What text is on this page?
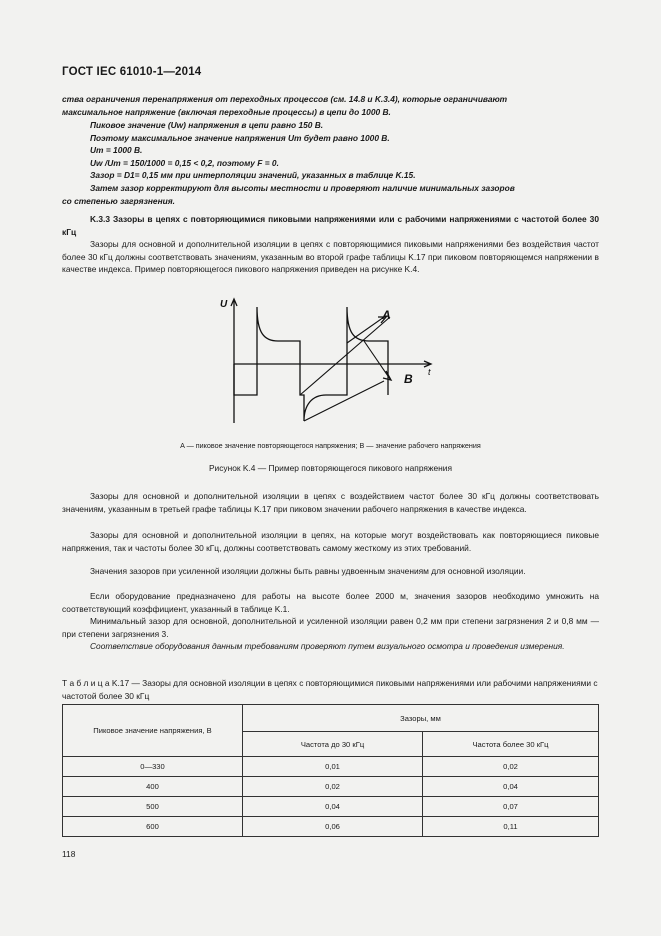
ГОСТ IEC 61010-1—2014
ства ограничения перенапряжения от переходных процессов (см. 14.8 и K.3.4), которые ограничивают
максимальное напряжение (включая переходные процессы) в цепи до 1000 В.
Пиковое значение (Uw) напряжения в цепи равно 150 В.
Поэтому максимальное значение напряжения Um будет равно 1000 В.
Um = 1000 В.
Uw /Um = 150/1000 = 0,15 < 0,2, поэтому F = 0.
Зазор = D1= 0,15 мм при интерполяции значений, указанных в таблице K.15.
Затем зазор корректируют для высоты местности и проверяют наличие минимальных зазоров
со степенью загрязнения.
K.3.3 Зазоры в цепях с повторяющимися пиковыми напряжениями или с рабочими напряжениями с частотой более 30 кГц
Зазоры для основной и дополнительной изоляции в цепях с повторяющимися пиковыми напряжениями без воздействия частот более 30 кГц должны соответствовать значениям, указанным во второй графе таблицы K.17 при пиковом повторяющемся напряжении в качестве индекса. Пример повторяющегося пикового напряжения приведен на рисунке K.4.
U
t
A
B
A — пиковое значение повторяющегося напряжения; B — значение рабочего напряжения
Рисунок K.4 — Пример повторяющегося пикового напряжения
Зазоры для основной и дополнительной изоляции в цепях с воздействием частот более 30 кГц должны соответствовать значениям, указанным в третьей графе таблицы K.17 при пиковом значении рабочего напряжения в качестве индекса.
Зазоры для основной и дополнительной изоляции в цепях, на которые могут воздействовать как повторяющиеся пиковые напряжения, так и частоты более 30 кГц, должны соответствовать самому жесткому из этих требований.
Значения зазоров при усиленной изоляции должны быть равны удвоенным значениям для основной изоляции.
Если оборудование предназначено для работы на высоте более 2000 м, значения зазоров необходимо умножить на соответствующий коэффициент, указанный в таблице K.1.
Минимальный зазор для основной, дополнительной и усиленной изоляции равен 0,2 мм при степени загрязнения 2 и 0,8 мм — при степени загрязнения 3.
Соответствие оборудования данным требованиям проверяют путем визуального осмотра и проведения измерения.
Т а б л и ц а K.17 — Зазоры для основной изоляции в цепях с повторяющимися пиковыми напряжениями или рабочими напряжениями с частотой более 30 кГц
Пиковое значение напряжения, В	Зазоры, мм	
	Частота до 30 кГц	Частота более 30 кГц
0—330	0,01	0,02
400	0,02	0,04
500	0,04	0,07
600	0,06	0,11
118
